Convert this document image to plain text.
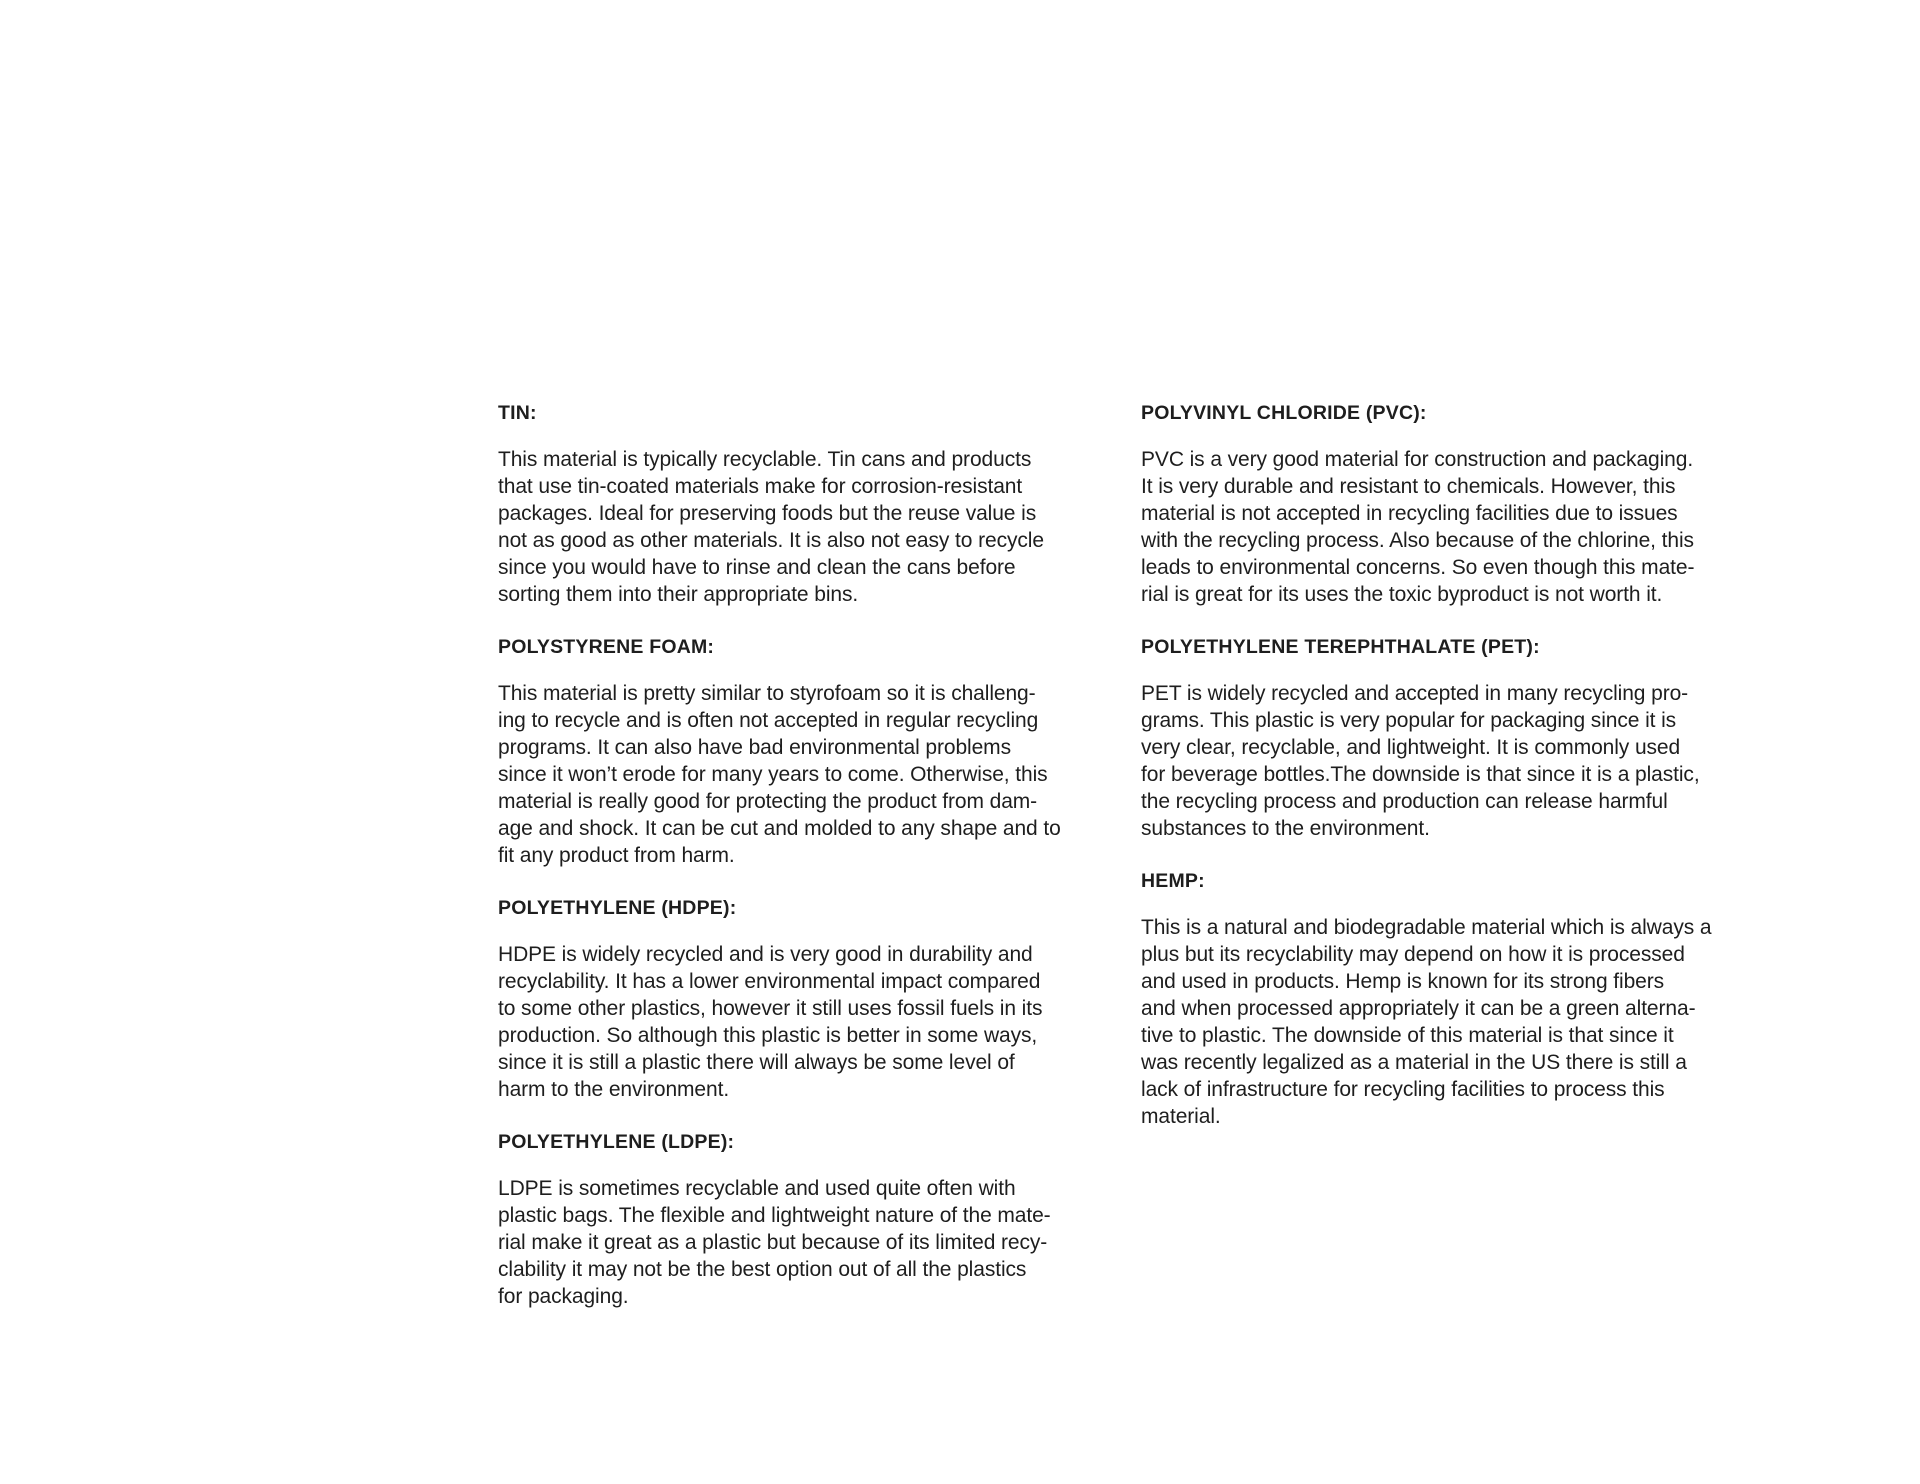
TIN:

This material is typically recyclable. Tin cans and products
that use tin-coated materials make for corrosion-resistant
packages. Ideal for preserving foods but the reuse value is
not as good as other materials. It is also not easy to recycle
since you would have to rinse and clean the cans before
sorting them into their appropriate bins.

POLYSTYRENE FOAM:

This material is pretty similar to styrofoam so it is challeng-
ing to recycle and is often not accepted in regular recycling
programs. It can also have bad environmental problems
since it won’t erode for many years to come. Otherwise, this
material is really good for protecting the product from dam-
age and shock. It can be cut and molded to any shape and to
fit any product from harm.

POLYETHYLENE (HDPE):

HDPE is widely recycled and is very good in durability and
recyclability. It has a lower environmental impact compared
to some other plastics, however it still uses fossil fuels in its
production. So although this plastic is better in some ways,
since it is still a plastic there will always be some level of
harm to the environment.

POLYETHYLENE (LDPE):

LDPE is sometimes recyclable and used quite often with
plastic bags. The flexible and lightweight nature of the mate-
rial make it great as a plastic but because of its limited recy-
clability it may not be the best option out of all the plastics
for packaging.

POLYVINYL CHLORIDE (PVC):

PVC is a very good material for construction and packaging.
It is very durable and resistant to chemicals. However, this
material is not accepted in recycling facilities due to issues
with the recycling process. Also because of the chlorine, this
leads to environmental concerns. So even though this mate-
rial is great for its uses the toxic byproduct is not worth it.

POLYETHYLENE TEREPHTHALATE (PET):

PET is widely recycled and accepted in many recycling pro-
grams. This plastic is very popular for packaging since it is
very clear, recyclable, and lightweight. It is commonly used
for beverage bottles.The downside is that since it is a plastic,
the recycling process and production can release harmful
substances to the environment.

HEMP:

This is a natural and biodegradable material which is always a
plus but its recyclability may depend on how it is processed
and used in products. Hemp is known for its strong fibers
and when processed appropriately it can be a green alterna-
tive to plastic. The downside of this material is that since it
was recently legalized as a material in the US there is still a
lack of infrastructure for recycling facilities to process this
material.
